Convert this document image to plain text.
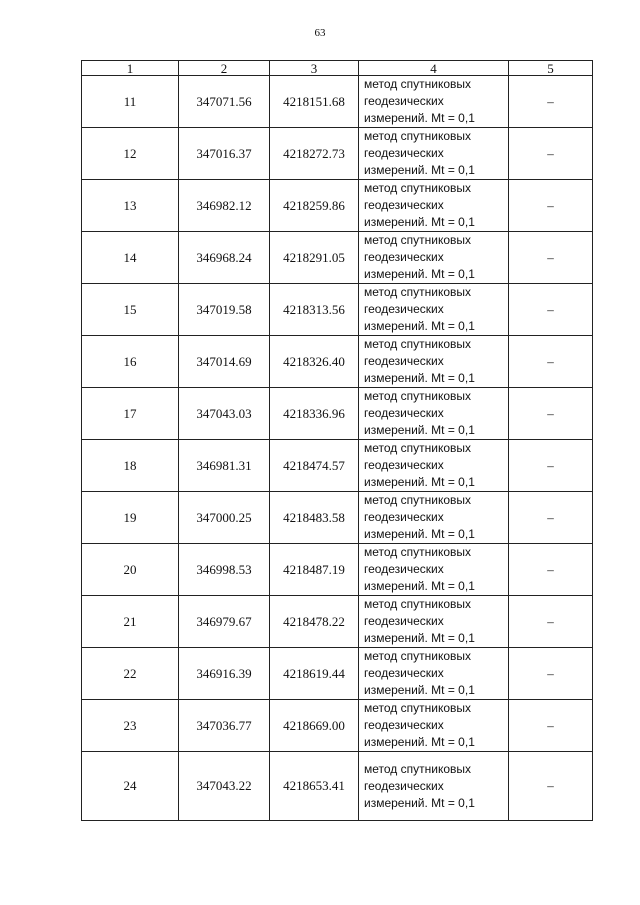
63
1	2	3	4	5
11	347071.56	4218151.68	метод спутниковых
геодезических
измерений. Mt = 0,1	–
12	347016.37	4218272.73	метод спутниковых
геодезических
измерений. Mt = 0,1	–
13	346982.12	4218259.86	метод спутниковых
геодезических
измерений. Mt = 0,1	–
14	346968.24	4218291.05	метод спутниковых
геодезических
измерений. Mt = 0,1	–
15	347019.58	4218313.56	метод спутниковых
геодезических
измерений. Mt = 0,1	–
16	347014.69	4218326.40	метод спутниковых
геодезических
измерений. Mt = 0,1	–
17	347043.03	4218336.96	метод спутниковых
геодезических
измерений. Mt = 0,1	–
18	346981.31	4218474.57	метод спутниковых
геодезических
измерений. Mt = 0,1	–
19	347000.25	4218483.58	метод спутниковых
геодезических
измерений. Mt = 0,1	–
20	346998.53	4218487.19	метод спутниковых
геодезических
измерений. Mt = 0,1	–
21	346979.67	4218478.22	метод спутниковых
геодезических
измерений. Mt = 0,1	–
22	346916.39	4218619.44	метод спутниковых
геодезических
измерений. Mt = 0,1	–
23	347036.77	4218669.00	метод спутниковых
геодезических
измерений. Mt = 0,1	–
24	347043.22	4218653.41	метод спутниковых
геодезических
измерений. Mt = 0,1	–
